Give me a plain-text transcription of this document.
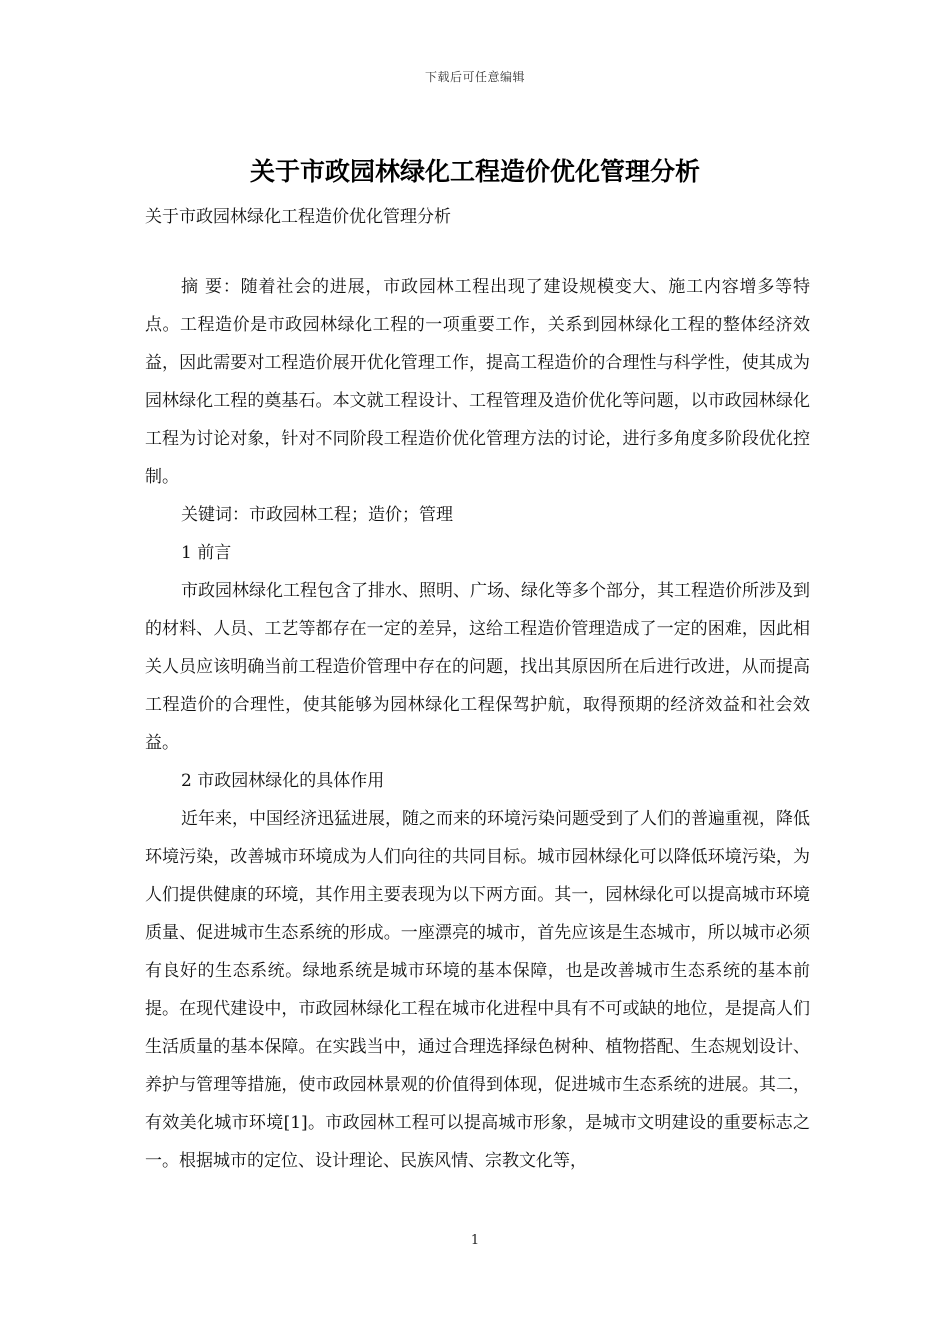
下载后可任意编辑
关于市政园林绿化工程造价优化管理分析
关于市政园林绿化工程造价优化管理分析

摘 要：随着社会的进展，市政园林工程出现了建设规模变大、施工内容增多等特点。工程造价是市政园林绿化工程的一项重要工作，关系到园林绿化工程的整体经济效益，因此需要对工程造价展开优化管理工作，提高工程造价的合理性与科学性，使其成为园林绿化工程的奠基石。本文就工程设计、工程管理及造价优化等问题，以市政园林绿化工程为讨论对象，针对不同阶段工程造价优化管理方法的讨论，进行多角度多阶段优化控制。

关键词：市政园林工程；造价；管理

1 前言

市政园林绿化工程包含了排水、照明、广场、绿化等多个部分，其工程造价所涉及到的材料、人员、工艺等都存在一定的差异，这给工程造价管理造成了一定的困难，因此相关人员应该明确当前工程造价管理中存在的问题，找出其原因所在后进行改进，从而提高工程造价的合理性，使其能够为园林绿化工程保驾护航，取得预期的经济效益和社会效益。

2 市政园林绿化的具体作用

近年来，中国经济迅猛进展，随之而来的环境污染问题受到了人们的普遍重视，降低环境污染，改善城市环境成为人们向往的共同目标。城市园林绿化可以降低环境污染，为人们提供健康的环境，其作用主要表现为以下两方面。其一，园林绿化可以提高城市环境质量、促进城市生态系统的形成。一座漂亮的城市，首先应该是生态城市，所以城市必须有良好的生态系统。绿地系统是城市环境的基本保障，也是改善城市生态系统的基本前提。在现代建设中，市政园林绿化工程在城市化进程中具有不可或缺的地位，是提高人们生活质量的基本保障。在实践当中，通过合理选择绿色树种、植物搭配、生态规划设计、养护与管理等措施，使市政园林景观的价值得到体现，促进城市生态系统的进展。其二，有效美化城市环境[1]。市政园林工程可以提高城市形象，是城市文明建设的重要标志之一。根据城市的定位、设计理论、民族风情、宗教文化等，

1
